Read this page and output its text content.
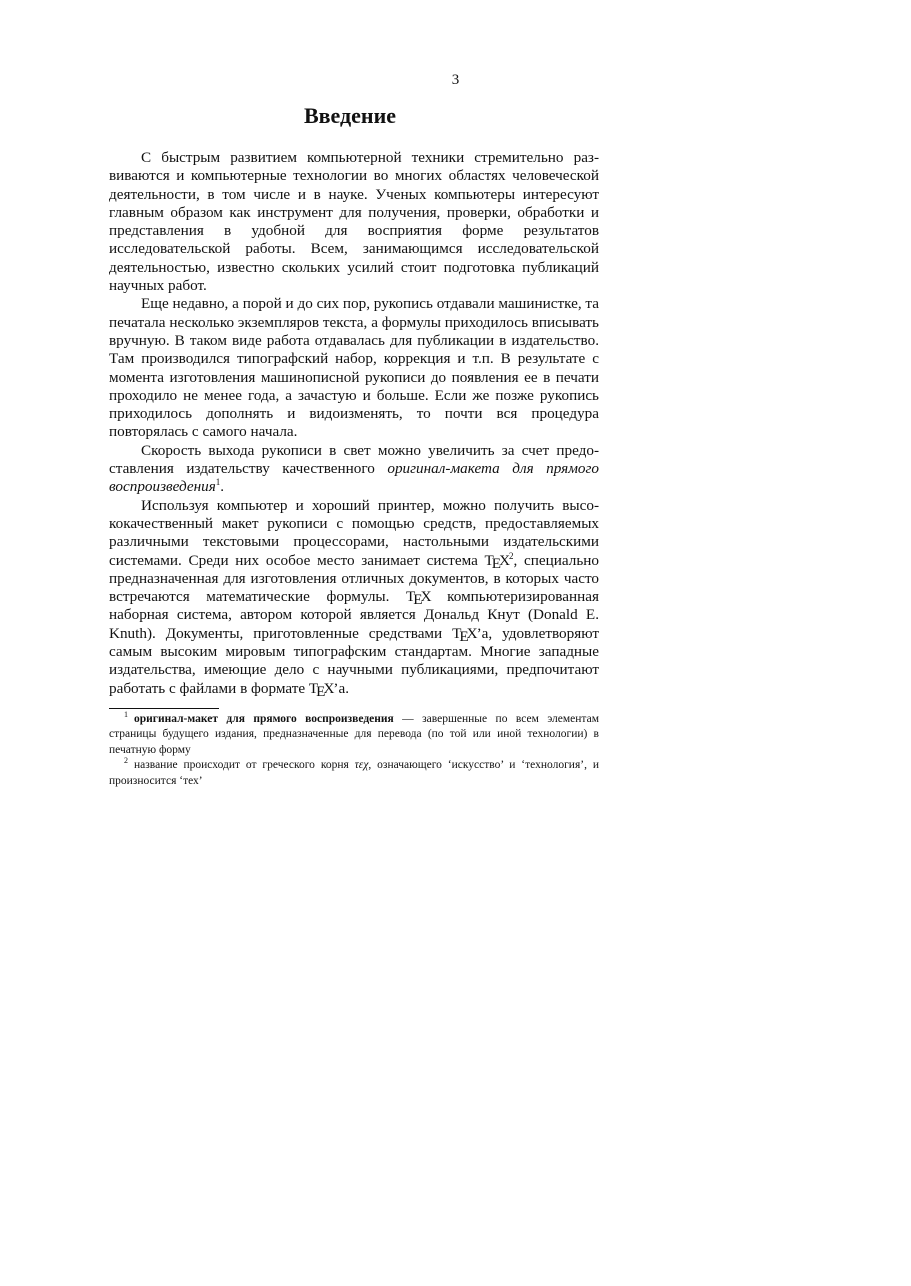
3
Введение

С быстрым развитием компьютерной техники стремительно развиваются и компьютерные технологии во многих областях человеческой деятельности, в том числе и в науке. Ученых компьютеры интересуют главным образом как инструмент для получения, проверки, обработки и представления в удобной для восприятия форме результатов исследовательской работы. Всем, занимающимся исследовательской деятельностью, известно скольких усилий стоит подготовка публикаций научных работ.

Еще недавно, а порой и до сих пор, рукопись отдавали машинистке, та печатала несколько экземпляров текста, а формулы приходилось вписывать вручную. В таком виде работа отдавалась для публикации в издательство. Там производился типографский набор, коррекция и т.п. В результате с момента изготовления машинописной рукописи до появления ее в печати проходило не менее года, а зачастую и больше. Если же позже рукопись приходилось дополнять и видоизменять, то почти вся процедура повторялась с самого начала.

Скорость выхода рукописи в свет можно увеличить за счет предоставления издательству качественного оригинал-макета для прямого воспроизведения$^1$.

Используя компьютер и хороший принтер, можно получить высококачественный макет рукописи с помощью средств, предоставляемых различными текстовыми процессорами, настольными издательскими системами. Среди них особое место занимает система TEX$^2$, специально предназначенная для изготовления отличных документов, в которых часто встречаются математические формулы. TEX компьютеризированная наборная система, автором которой является Дональд Кнут (Donald E. Knuth). Документы, приготовленные средствами TEX’а, удовлетворяют самым высоким мировым типографским стандартам. Многие западные издательства, имеющие дело с научными публикациями, предпочитают работать с файлами в формате TEX’а.

$^1$ оригинал-макет для прямого воспроизведения — завершенные по всем элементам страницы будущего издания, предназначенные для перевода (по той или иной технологии) в печатную форму

$^2$ название происходит от греческого корня τεχ, означающего ‘искусство’ и ‘технология’, и произносится ‘тех’
